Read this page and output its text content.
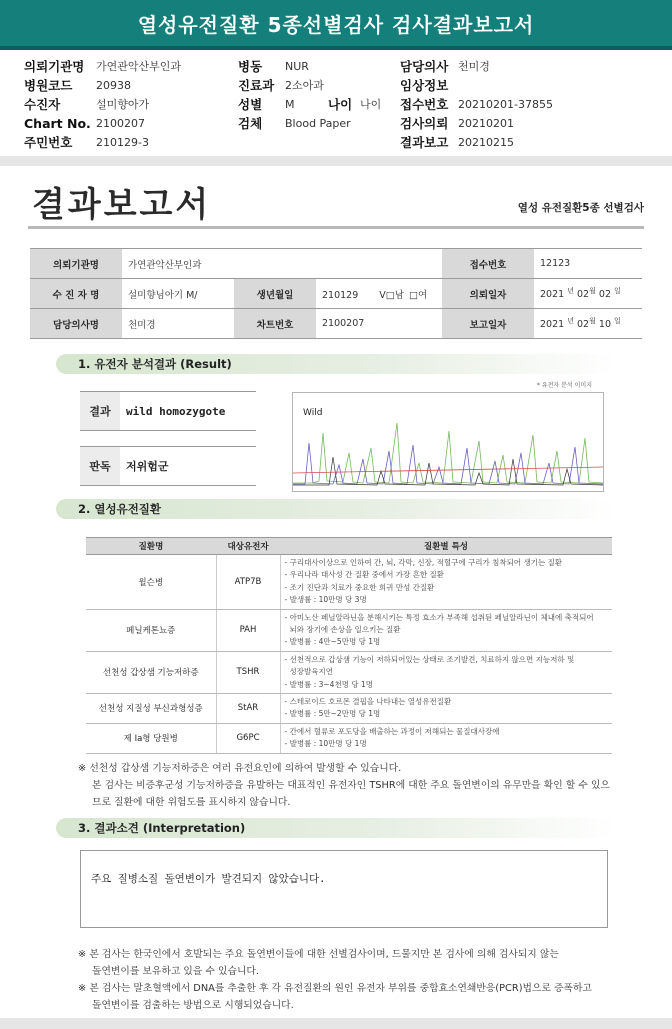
열성유전질환 5종선별검사 검사결과보고서
의뢰기관명 가연관악산부인과	병동 NUR	담당의사 천미경
병원코드 20938	진료과 2소아과	임상정보
수진자	설미향아가	성별 M	나이 나이 접수번호 20210201-37855
Chart No. 2100207	검체 Blood Paper	검사의뢰 20210201
주민번호 210129-3	결과보고 20210215
결과보고서	열성 유전질환5종 선별검사
의뢰기관명	가연관악산부인과			접수번호	12123
수 진 자 명	설미향님아기 M/	생년월일	210129 V□남 □여	의뢰일자	2021 $^년$ $02^월$ 02 $^일$
담당의사명	천미경	차트번호	2100207	보고일자	2021 $^년$ $02^월$ 10 $^일$
1. 유전자 분석결과 (Result)
* 유전자 분석 이미지
결과	wild homozygote
판독	저위험군
Wild
2. 열성유전질환
질환명	대상유전자	질환별 특성
윌슨병	ATP7B	- 구리대사이상으로 인하여 간, 뇌, 각막, 신장, 적혈구에 구리가 침착되어 생기는 질환
- 우리나라 대사성 간 질환 중에서 가장 흔한 질환
- 조기 진단과 치료가 중요한 희귀 만성 간질환
- 발생률 : 10만명 당 3명

페닐케톤뇨증	PAH	- 아미노산 페닐알라닌을 분해시키는 특정 효소가 부족해 섭취된 페닐알라닌이 체내에 축적되어
뇌와 장기에 손상을 일으키는 질환
- 발병률 : 4만~5만명 당 1명

선천성 갑상샘 기능저하증	TSHR	- 선천적으로 갑상샘 기능이 저하되어있는 상태로 조기발견, 치료하지 않으면 지능저하 및
성장발육지연
- 발병률 : 3~4천명 당 1명

선천성 지질성 부신과형성증	StAR	- 스테로이드 호르몬 결핍을 나타내는 열성유전질환
- 발병률 : 5만~2만명 당 1명

제 Ia형 당원병	G6PC	- 간에서 혈류로 포도당을 배출하는 과정이 저해되는 물질대사장애
- 발병률 : 10만명 당 1명
※ 선천성 갑상샘 기능저하증은 여러 유전요인에 의하여 발생할 수 있습니다.
본 검사는 비증후군성 기능저하증을 유발하는 대표적인 유전자인 TSHR에 대한 주요 돌연변이의 유무만을 확인 할 수 있으
므로 질환에 대한 위험도를 표시하지 않습니다.
3. 결과소견 (Interpretation)
주요 질병소질 돌연변이가 발견되지 않았습니다.
※ 본 검사는 한국인에서 호발되는 주요 돌연변이들에 대한 선별검사이며, 드물지만 본 검사에 의해 검사되지 않는
돌연변이를 보유하고 있을 수 있습니다.
※ 본 검사는 말초혈액에서 DNA를 추출한 후 각 유전질환의 원인 유전자 부위를 중합효소연쇄반응(PCR)법으로 증폭하고
돌연변이를 검출하는 방법으로 시행되었습니다.
